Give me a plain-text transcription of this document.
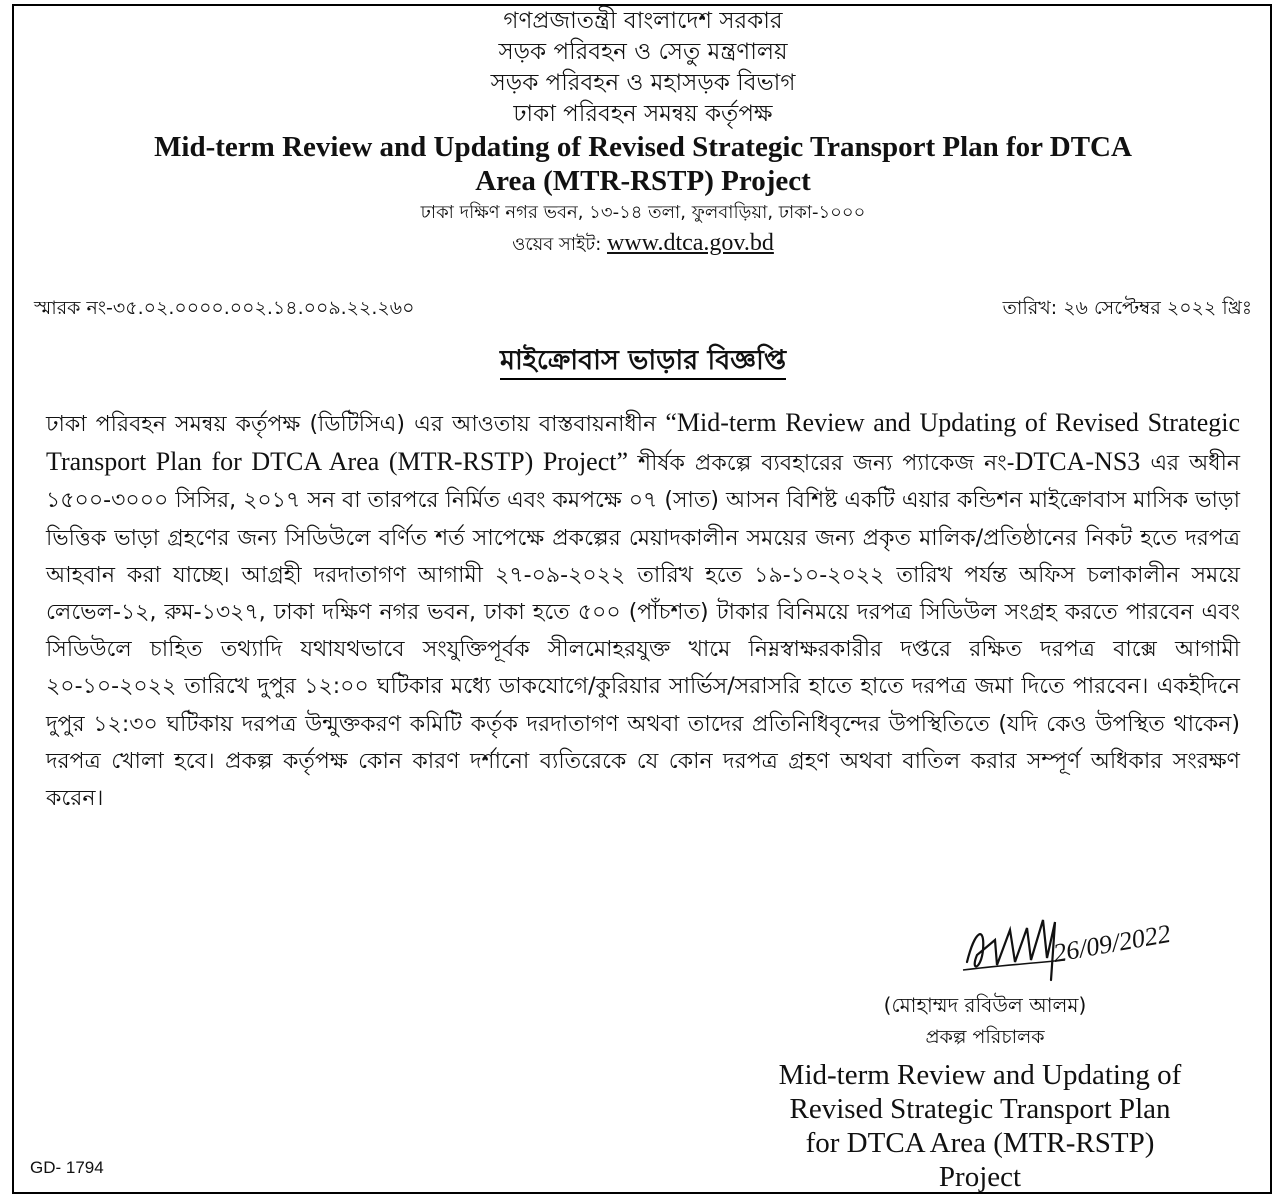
গণপ্রজাতন্ত্রী বাংলাদেশ সরকার
সড়ক পরিবহন ও সেতু মন্ত্রণালয়
সড়ক পরিবহন ও মহাসড়ক বিভাগ
ঢাকা পরিবহন সমন্বয় কর্তৃপক্ষ
Mid-term Review and Updating of Revised Strategic Transport Plan for DTCA
Area (MTR-RSTP) Project
ঢাকা দক্ষিণ নগর ভবন, ১৩-১৪ তলা, ফুলবাড়িয়া, ঢাকা-১০০০
ওয়েব সাইট: www.dtca.gov.bd
স্মারক নং-৩৫.০২.০০০০.০০২.১৪.০০৯.২২.২৬০	তারিখ: ২৬ সেপ্টেম্বর ২০২২ খ্রিঃ
মাইক্রোবাস ভাড়ার বিজ্ঞপ্তি
ঢাকা পরিবহন সমন্বয় কর্তৃপক্ষ (ডিটিসিএ) এর আওতায় বাস্তবায়নাধীন “Mid-term Review and Updating of Revised Strategic Transport Plan for DTCA Area (MTR-RSTP) Project” শীর্ষক প্রকল্পে ব্যবহারের জন্য প্যাকেজ নং-DTCA-NS3 এর অধীন ১৫০০-৩০০০ সিসির, ২০১৭ সন বা তারপরে নির্মিত এবং কমপক্ষে ০৭ (সাত) আসন বিশিষ্ট একটি এয়ার কন্ডিশন মাইক্রোবাস মাসিক ভাড়া ভিত্তিক ভাড়া গ্রহণের জন্য সিডিউলে বর্ণিত শর্ত সাপেক্ষে প্রকল্পের মেয়াদকালীন সময়ের জন্য প্রকৃত মালিক/প্রতিষ্ঠানের নিকট হতে দরপত্র আহবান করা যাচ্ছে। আগ্রহী দরদাতাগণ আগামী ২৭-০৯-২০২২ তারিখ হতে ১৯-১০-২০২২ তারিখ পর্যন্ত অফিস চলাকালীন সময়ে লেভেল-১২, রুম-১৩২৭, ঢাকা দক্ষিণ নগর ভবন, ঢাকা হতে ৫০০ (পাঁচশত) টাকার বিনিময়ে দরপত্র সিডিউল সংগ্রহ করতে পারবেন এবং সিডিউলে চাহিত তথ্যাদি যথাযথভাবে সংযুক্তিপূর্বক সীলমোহরযুক্ত খামে নিম্নস্বাক্ষরকারীর দপ্তরে রক্ষিত দরপত্র বাক্সে আগামী ২০-১০-২০২২ তারিখে দুপুর ১২:০০ ঘটিকার মধ্যে ডাকযোগে/কুরিয়ার সার্ভিস/সরাসরি হাতে হাতে দরপত্র জমা দিতে পারবেন। একইদিনে দুপুর ১২:৩০ ঘটিকায় দরপত্র উন্মুক্তকরণ কমিটি কর্তৃক দরদাতাগণ অথবা তাদের প্রতিনিধিবৃন্দের উপস্থিতিতে (যদি কেও উপস্থিত থাকেন) দরপত্র খোলা হবে। প্রকল্প কর্তৃপক্ষ কোন কারণ দর্শানো ব্যতিরেকে যে কোন দরপত্র গ্রহণ অথবা বাতিল করার সম্পূর্ণ অধিকার সংরক্ষণ করেন।
26/09/2022
(মোহাম্মদ রবিউল আলম)
প্রকল্প পরিচালক
Mid-term Review and Updating of
Revised Strategic Transport Plan
for DTCA Area (MTR-RSTP)
Project
GD- 1794
